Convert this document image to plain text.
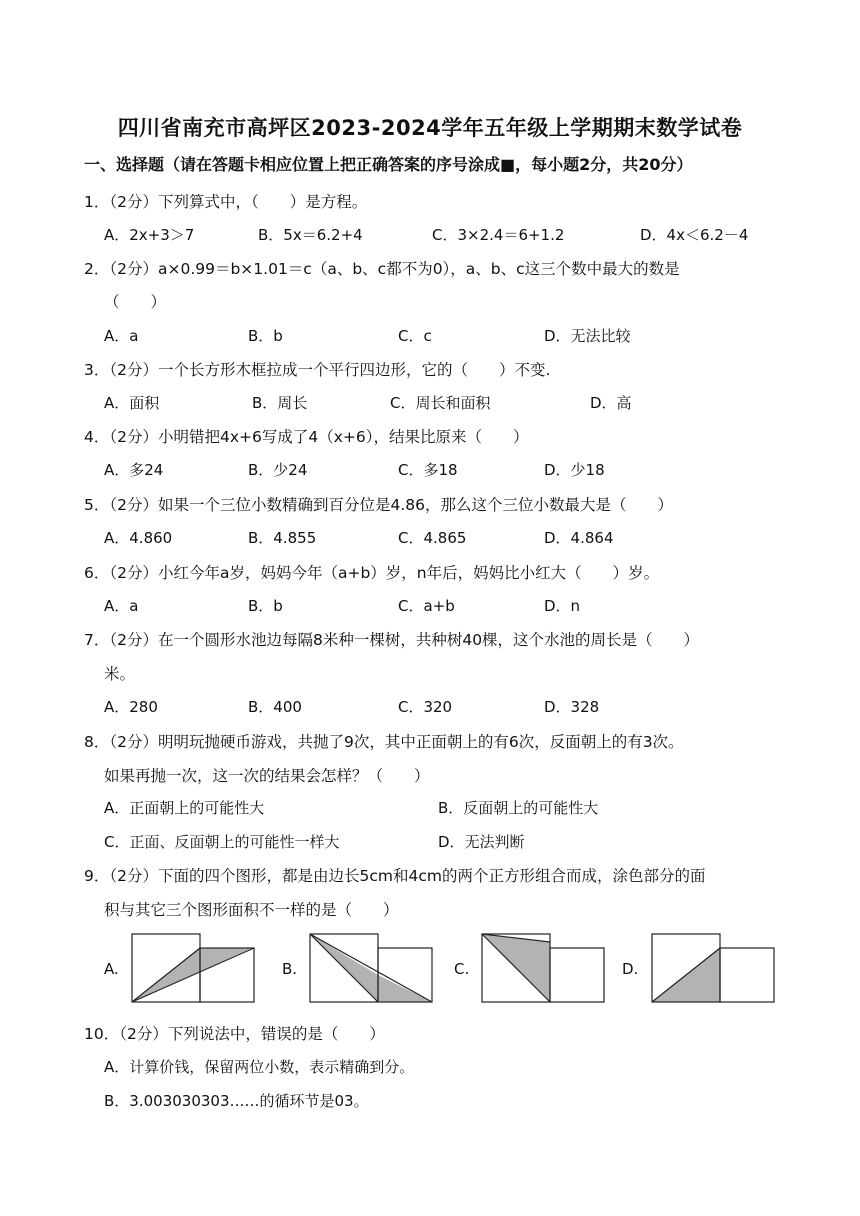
四川省南充市高坪区2023-2024学年五年级上学期期末数学试卷
一、选择题（请在答题卡相应位置上把正确答案的序号涂成■，每小题2分，共20分）
1．（2分）下列算式中，（　　）是方程。
A．2x+3＞7	B．5x＝6.2+4	C．3×2.4＝6+1.2	D．4x＜6.2－4
2．（2分）a×0.99＝b×1.01＝c（a、b、c都不为0），a、b、c这三个数中最大的数是
（　　）
A．a	B．b	C．c	D．无法比较
3．（2分）一个长方形木框拉成一个平行四边形，它的（　　）不变.
A．面积	B．周长	C．周长和面积	D．高
4．（2分）小明错把4x+6写成了4（x+6），结果比原来（　　）
A．多24	B．少24	C．多18	D．少18
5．（2分）如果一个三位小数精确到百分位是4.86，那么这个三位小数最大是（　　）
A．4.860	B．4.855	C．4.865	D．4.864
6．（2分）小红今年a岁，妈妈今年（a+b）岁，n年后，妈妈比小红大（　　）岁。
A．a	B．b	C．a+b	D．n
7．（2分）在一个圆形水池边每隔8米种一棵树，共种树40棵，这个水池的周长是（　　）
米。
A．280	B．400	C．320	D．328
8．（2分）明明玩抛硬币游戏，共抛了9次，其中正面朝上的有6次，反面朝上的有3次。
如果再抛一次，这一次的结果会怎样？（　　）
A．正面朝上的可能性大	B．反面朝上的可能性大
C．正面、反面朝上的可能性一样大	D．无法判断
9．（2分）下面的四个图形，都是由边长5cm和4cm的两个正方形组合而成，涂色部分的面
积与其它三个图形面积不一样的是（　　）
A.	B.	C.	D.
10．（2分）下列说法中，错误的是（　　）
A．计算价钱，保留两位小数，表示精确到分。
B．3.003030303……的循环节是03。
